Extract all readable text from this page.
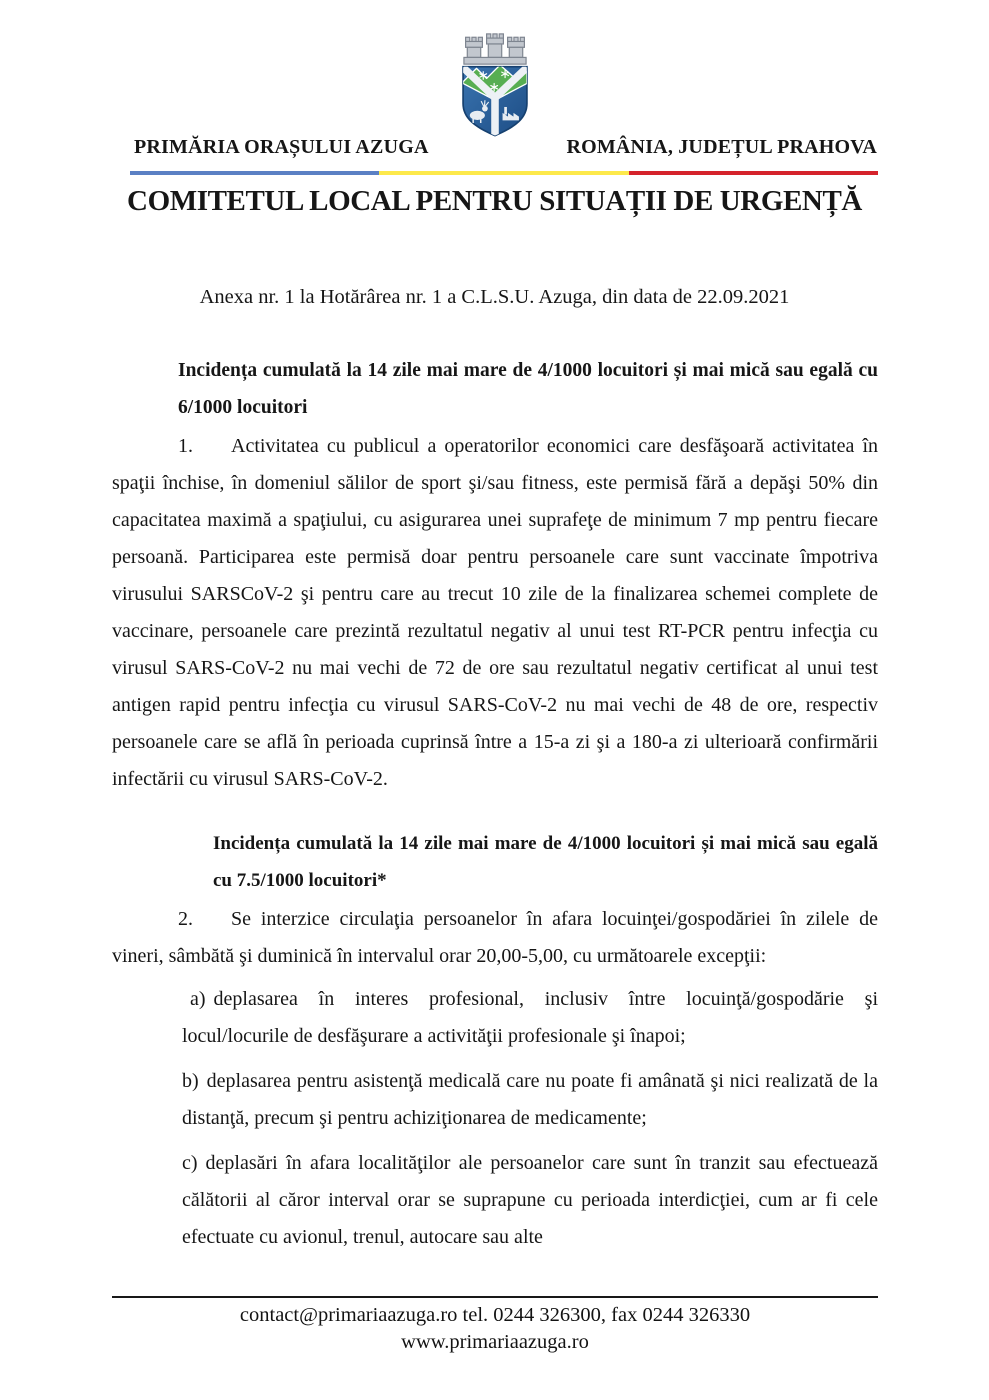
PRIMĂRIA ORAȘULUI AZUGA	ROMÂNIA, JUDEȚUL PRAHOVA
COMITETUL LOCAL PENTRU SITUAȚII DE URGENȚĂ
Anexa nr. 1 la Hotărârea nr. 1 a C.L.S.U. Azuga, din data de 22.09.2021

Incidența cumulată la 14 zile mai mare de 4/1000 locuitori și mai mică sau egală cu 6/1000 locuitori

1. Activitatea cu publicul a operatorilor economici care desfăşoară activitatea în spaţii închise, în domeniul sălilor de sport şi/sau fitness, este permisă fără a depăşi 50% din capacitatea maximă a spaţiului, cu asigurarea unei suprafeţe de minimum 7 mp pentru fiecare persoană. Participarea este permisă doar pentru persoanele care sunt vaccinate împotriva virusului SARSCoV-2 şi pentru care au trecut 10 zile de la finalizarea schemei complete de vaccinare, persoanele care prezintă rezultatul negativ al unui test RT-PCR pentru infecţia cu virusul SARS-CoV-2 nu mai vechi de 72 de ore sau rezultatul negativ certificat al unui test antigen rapid pentru infecţia cu virusul SARS-CoV-2 nu mai vechi de 48 de ore, respectiv persoanele care se află în perioada cuprinsă între a 15-a zi şi a 180-a zi ulterioară confirmării infectării cu virusul SARS-CoV-2.

Incidența cumulată la 14 zile mai mare de 4/1000 locuitori și mai mică sau egală cu 7.5/1000 locuitori*

2. Se interzice circulaţia persoanelor în afara locuinţei/gospodăriei în zilele de vineri, sâmbătă şi duminică în intervalul orar 20,00-5,00, cu următoarele excepţii:

a) deplasarea în interes profesional, inclusiv între locuinţă/gospodărie şi locul/locurile de desfăşurare a activităţii profesionale şi înapoi;

b) deplasarea pentru asistenţă medicală care nu poate fi amânată şi nici realizată de la distanţă, precum şi pentru achiziţionarea de medicamente;

c) deplasări în afara localităţilor ale persoanelor care sunt în tranzit sau efectuează călătorii al căror interval orar se suprapune cu perioada interdicţiei, cum ar fi cele efectuate cu avionul, trenul, autocare sau alte

contact@primariaazuga.ro tel. 0244 326300, fax 0244 326330
www.primariaazuga.ro
